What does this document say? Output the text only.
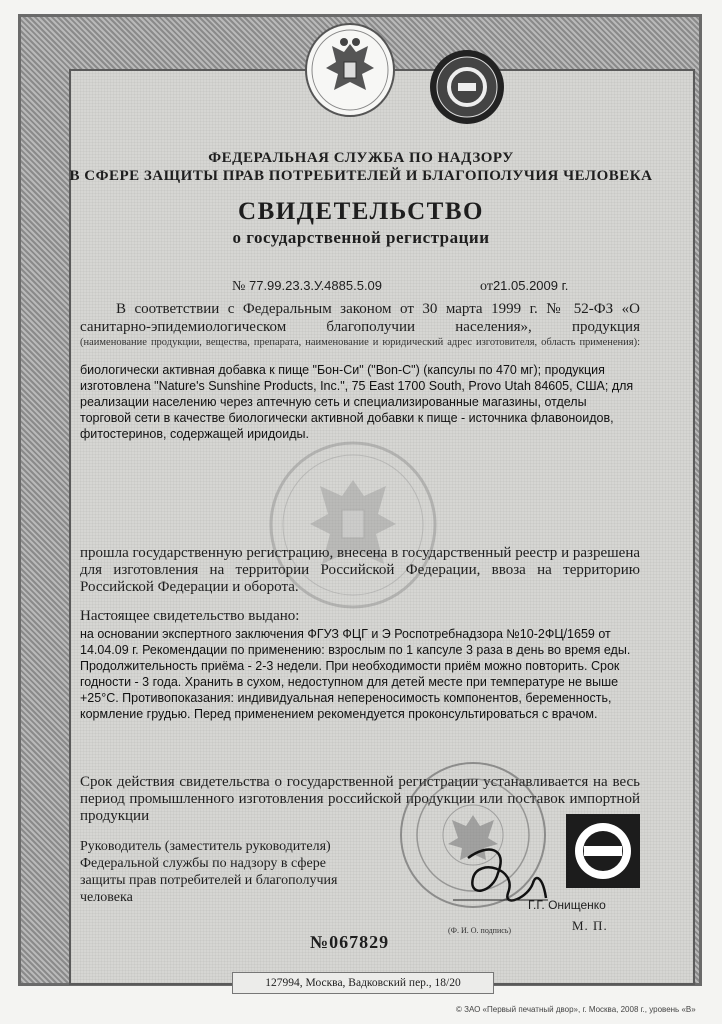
ФЕДЕРАЛЬНАЯ СЛУЖБА ПО НАДЗОРУ
В СФЕРЕ ЗАЩИТЫ ПРАВ ПОТРЕБИТЕЛЕЙ И БЛАГОПОЛУЧИЯ ЧЕЛОВЕКА
СВИДЕТЕЛЬСТВО
о государственной регистрации
№ 77.99.23.3.У.4885.5.09	от21.05.2009 г.
В соответствии с Федеральным законом от 30 марта 1999 г. № 52-ФЗ «О санитарно-эпидемиологическом благополучии населения», продукция
(наименование продукции, вещества, препарата, наименование и юридический адрес изготовителя, область применения):
биологически активная добавка к пище "Бон-Си" ("Bon-C") (капсулы по 470 мг); продукция изготовлена "Nature's Sunshine Products, Inc.", 75 East 1700 South, Provo Utah 84605, США; для реализации населению через аптечную сеть и специализированные магазины, отделы торговой сети в качестве биологически активной добавки к пище - источника флавоноидов, фитостеринов, содержащей иридоиды.
прошла государственную регистрацию, внесена в государственный реестр и разрешена для изготовления на территории Российской Федерации, ввоза на территорию Российской Федерации и оборота.
Настоящее свидетельство выдано:
на основании экспертного заключения ФГУЗ ФЦГ и Э Роспотребнадзора №10-2ФЦ/1659 от 14.04.09 г. Рекомендации по применению: взрослым по 1 капсуле 3 раза в день во время еды. Продолжительность приёма - 2-3 недели. При необходимости приём можно повторить. Срок годности - 3 года. Хранить в сухом, недоступном для детей месте при температуре не выше +25°С. Противопоказания: индивидуальная непереносимость компонентов, беременность, кормление грудью. Перед применением рекомендуется проконсультироваться с врачом.
Срок действия свидетельства о государственной регистрации устанавливается на весь период промышленного изготовления российской продукции или поставок импортной продукции
Руководитель (заместитель руководителя)
Федеральной службы по надзору в сфере
защиты прав потребителей и благополучия
человека	Г.Г. Онищенко
(Ф. И. О. подпись)	М. П.
№067829
127994, Москва, Вадковский пер., 18/20
© ЗАО «Первый печатный двор», г. Москва, 2008 г., уровень «В»
